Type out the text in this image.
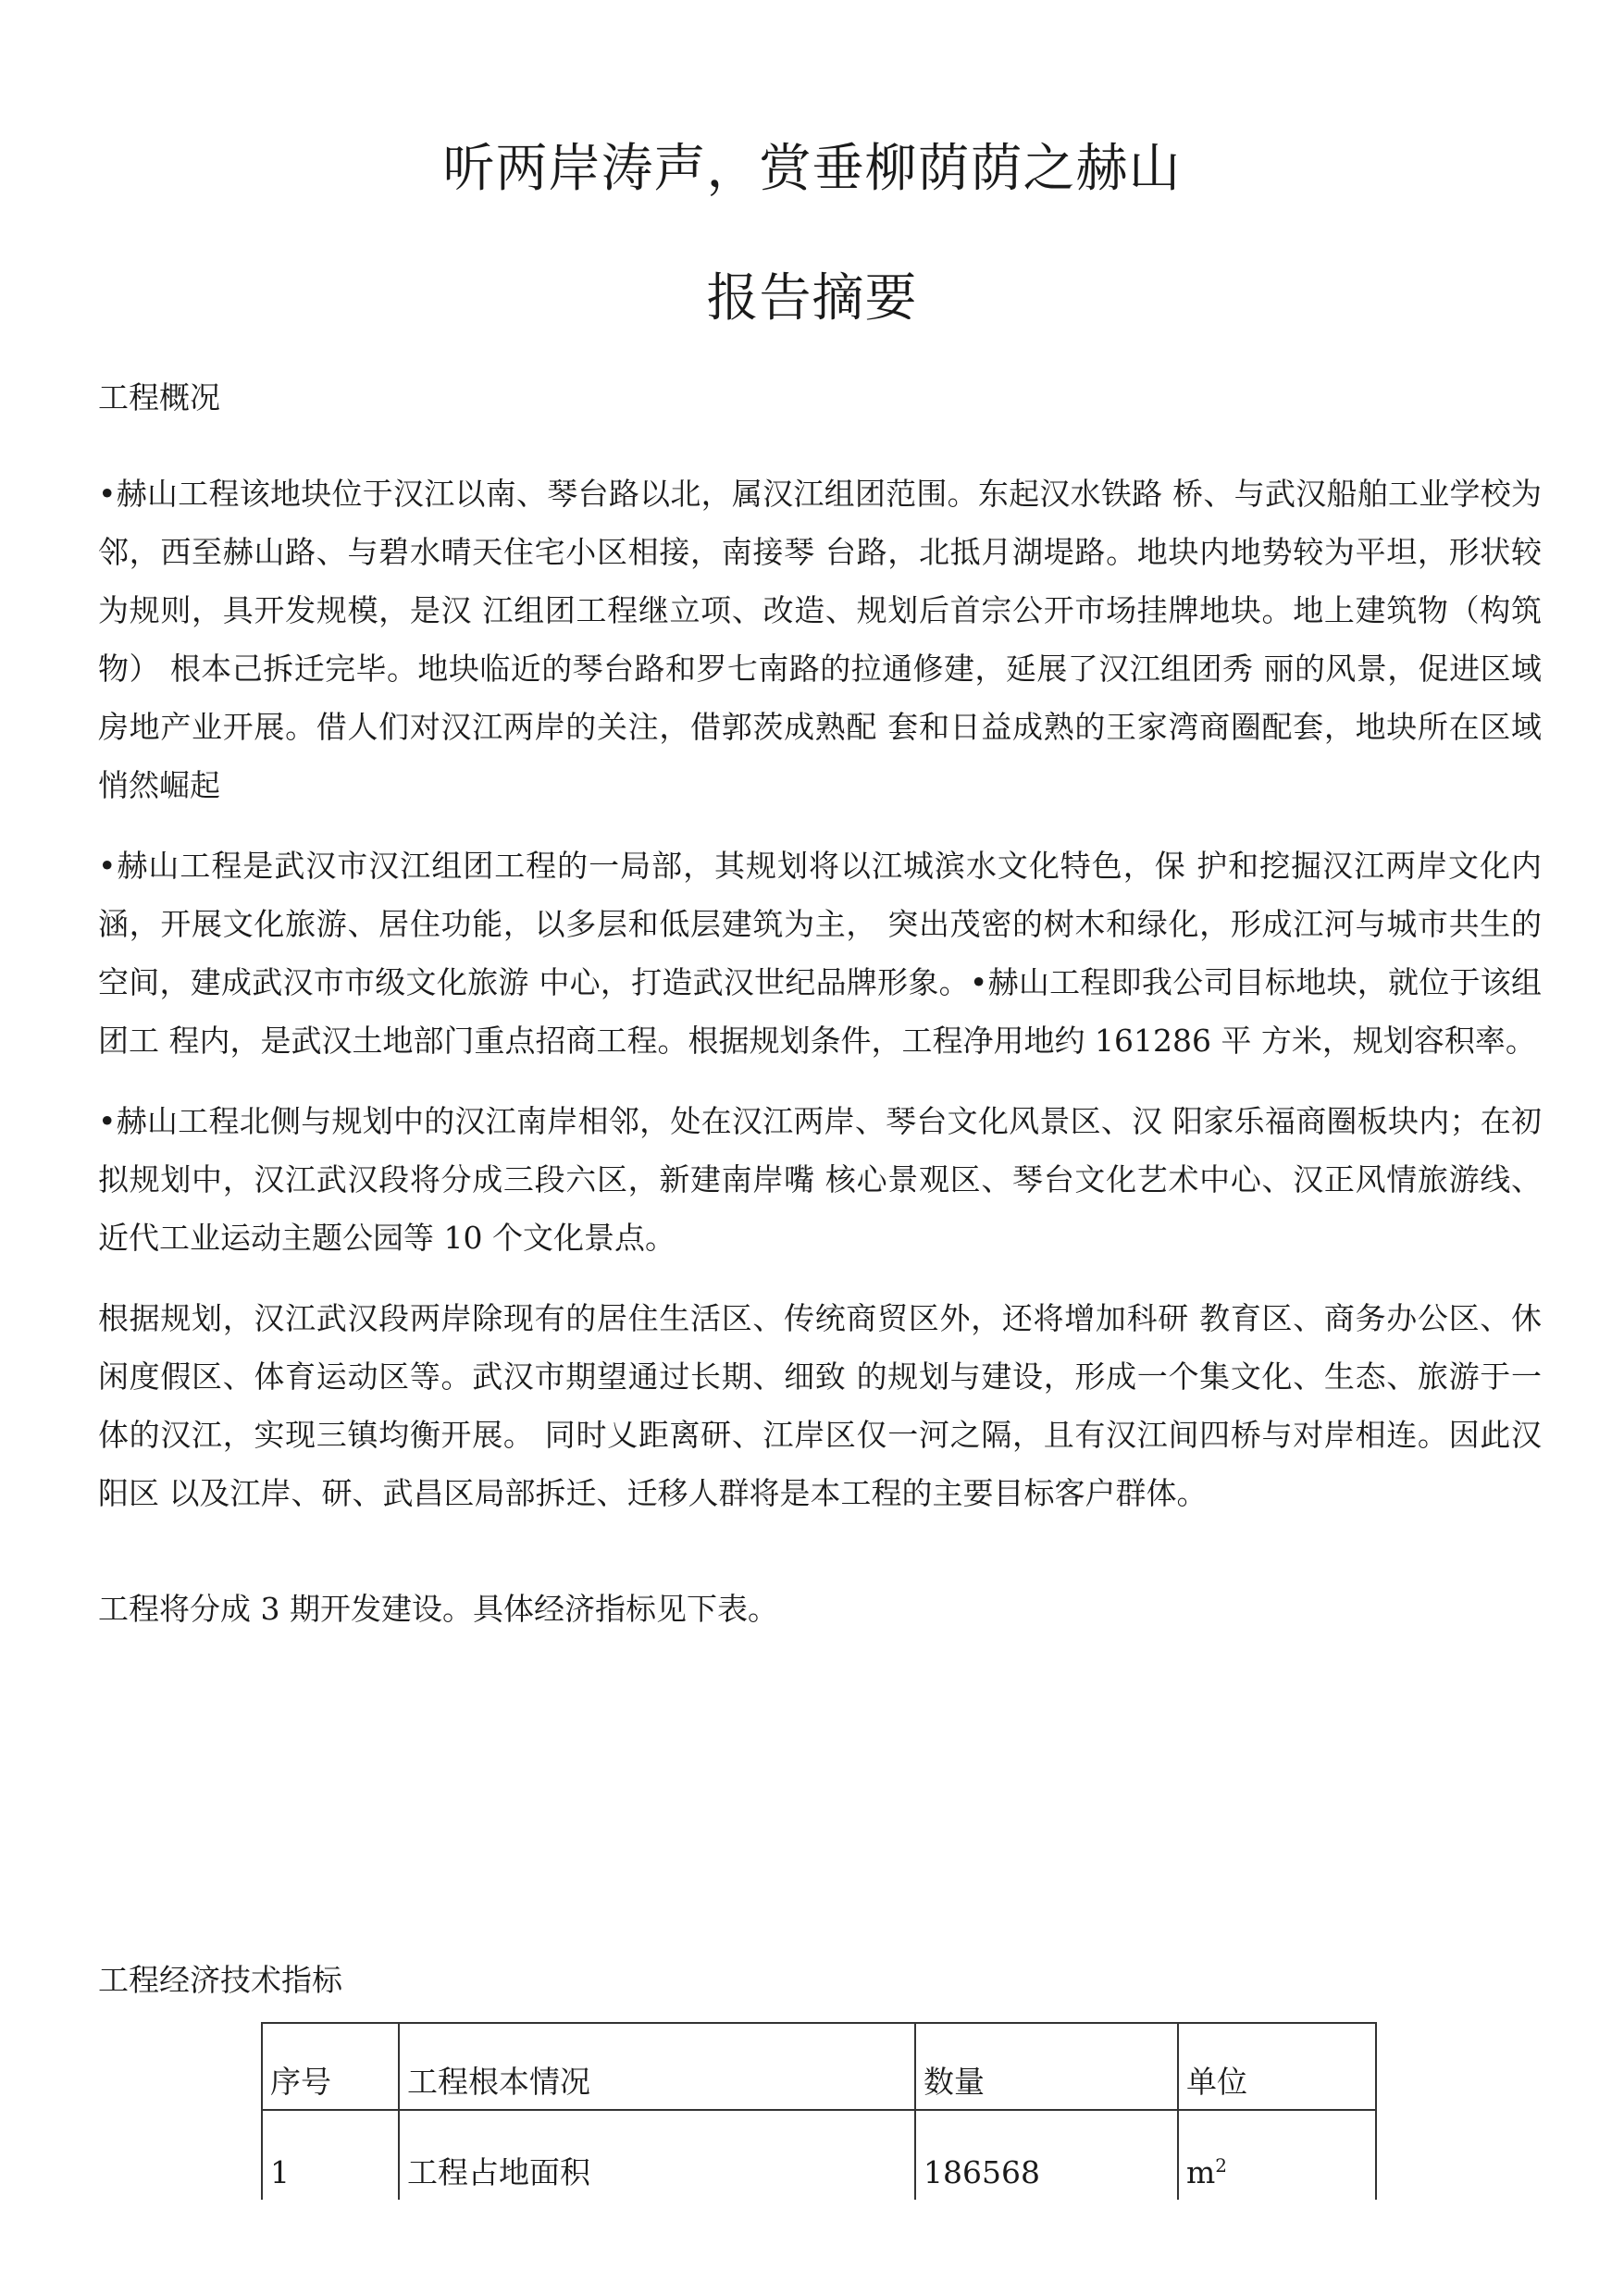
听两岸涛声，赏垂柳荫荫之赫山
报告摘要
工程概况

•赫山工程该地块位于汉江以南、琴台路以北，属汉江组团范围。东起汉水铁路 桥、与武汉船舶工业学校为邻，西至赫山路、与碧水晴天住宅小区相接，南接琴 台路，北抵月湖堤路。地块内地势较为平坦，形状较为规则，具开发规模，是汉 江组团工程继立项、改造、规划后首宗公开市场挂牌地块。地上建筑物（构筑物） 根本己拆迁完毕。地块临近的琴台路和罗七南路的拉通修建，延展了汉江组团秀 丽的风景，促进区域房地产业开展。借人们对汉江两岸的关注，借郭茨成熟配 套和日益成熟的王家湾商圈配套，地块所在区域悄然崛起

•赫山工程是武汉市汉江组团工程的一局部，其规划将以江城滨水文化特色，保 护和挖掘汉江两岸文化内涵，开展文化旅游、居住功能，以多层和低层建筑为主， 突出茂密的树木和绿化，形成江河与城市共生的空间，建成武汉市市级文化旅游 中心，打造武汉世纪品牌形象。•赫山工程即我公司目标地块，就位于该组团工 程内，是武汉土地部门重点招商工程。根据规划条件，工程净用地约 161286 平 方米，规划容积率。

•赫山工程北侧与规划中的汉江南岸相邻，处在汉江两岸、琴台文化风景区、汉 阳家乐福商圈板块内；在初拟规划中，汉江武汉段将分成三段六区，新建南岸嘴 核心景观区、琴台文化艺术中心、汉正风情旅游线、近代工业运动主题公园等 10 个文化景点。

根据规划，汉江武汉段两岸除现有的居住生活区、传统商贸区外，还将增加科研 教育区、商务办公区、休闲度假区、体育运动区等。武汉市期望通过长期、细致 的规划与建设，形成一个集文化、生态、旅游于一体的汉江，实现三镇均衡开展。 同时乂距离研、江岸区仅一河之隔，且有汉江间四桥与对岸相连。因此汉阳区 以及江岸、研、武昌区局部拆迁、迁移人群将是本工程的主要目标客户群体。

工程将分成 3 期开发建设。具体经济指标见下表。

工程经济技术指标
序号	工程根本情况	数量	单位
1	工程占地面积	186568	$m^2$
